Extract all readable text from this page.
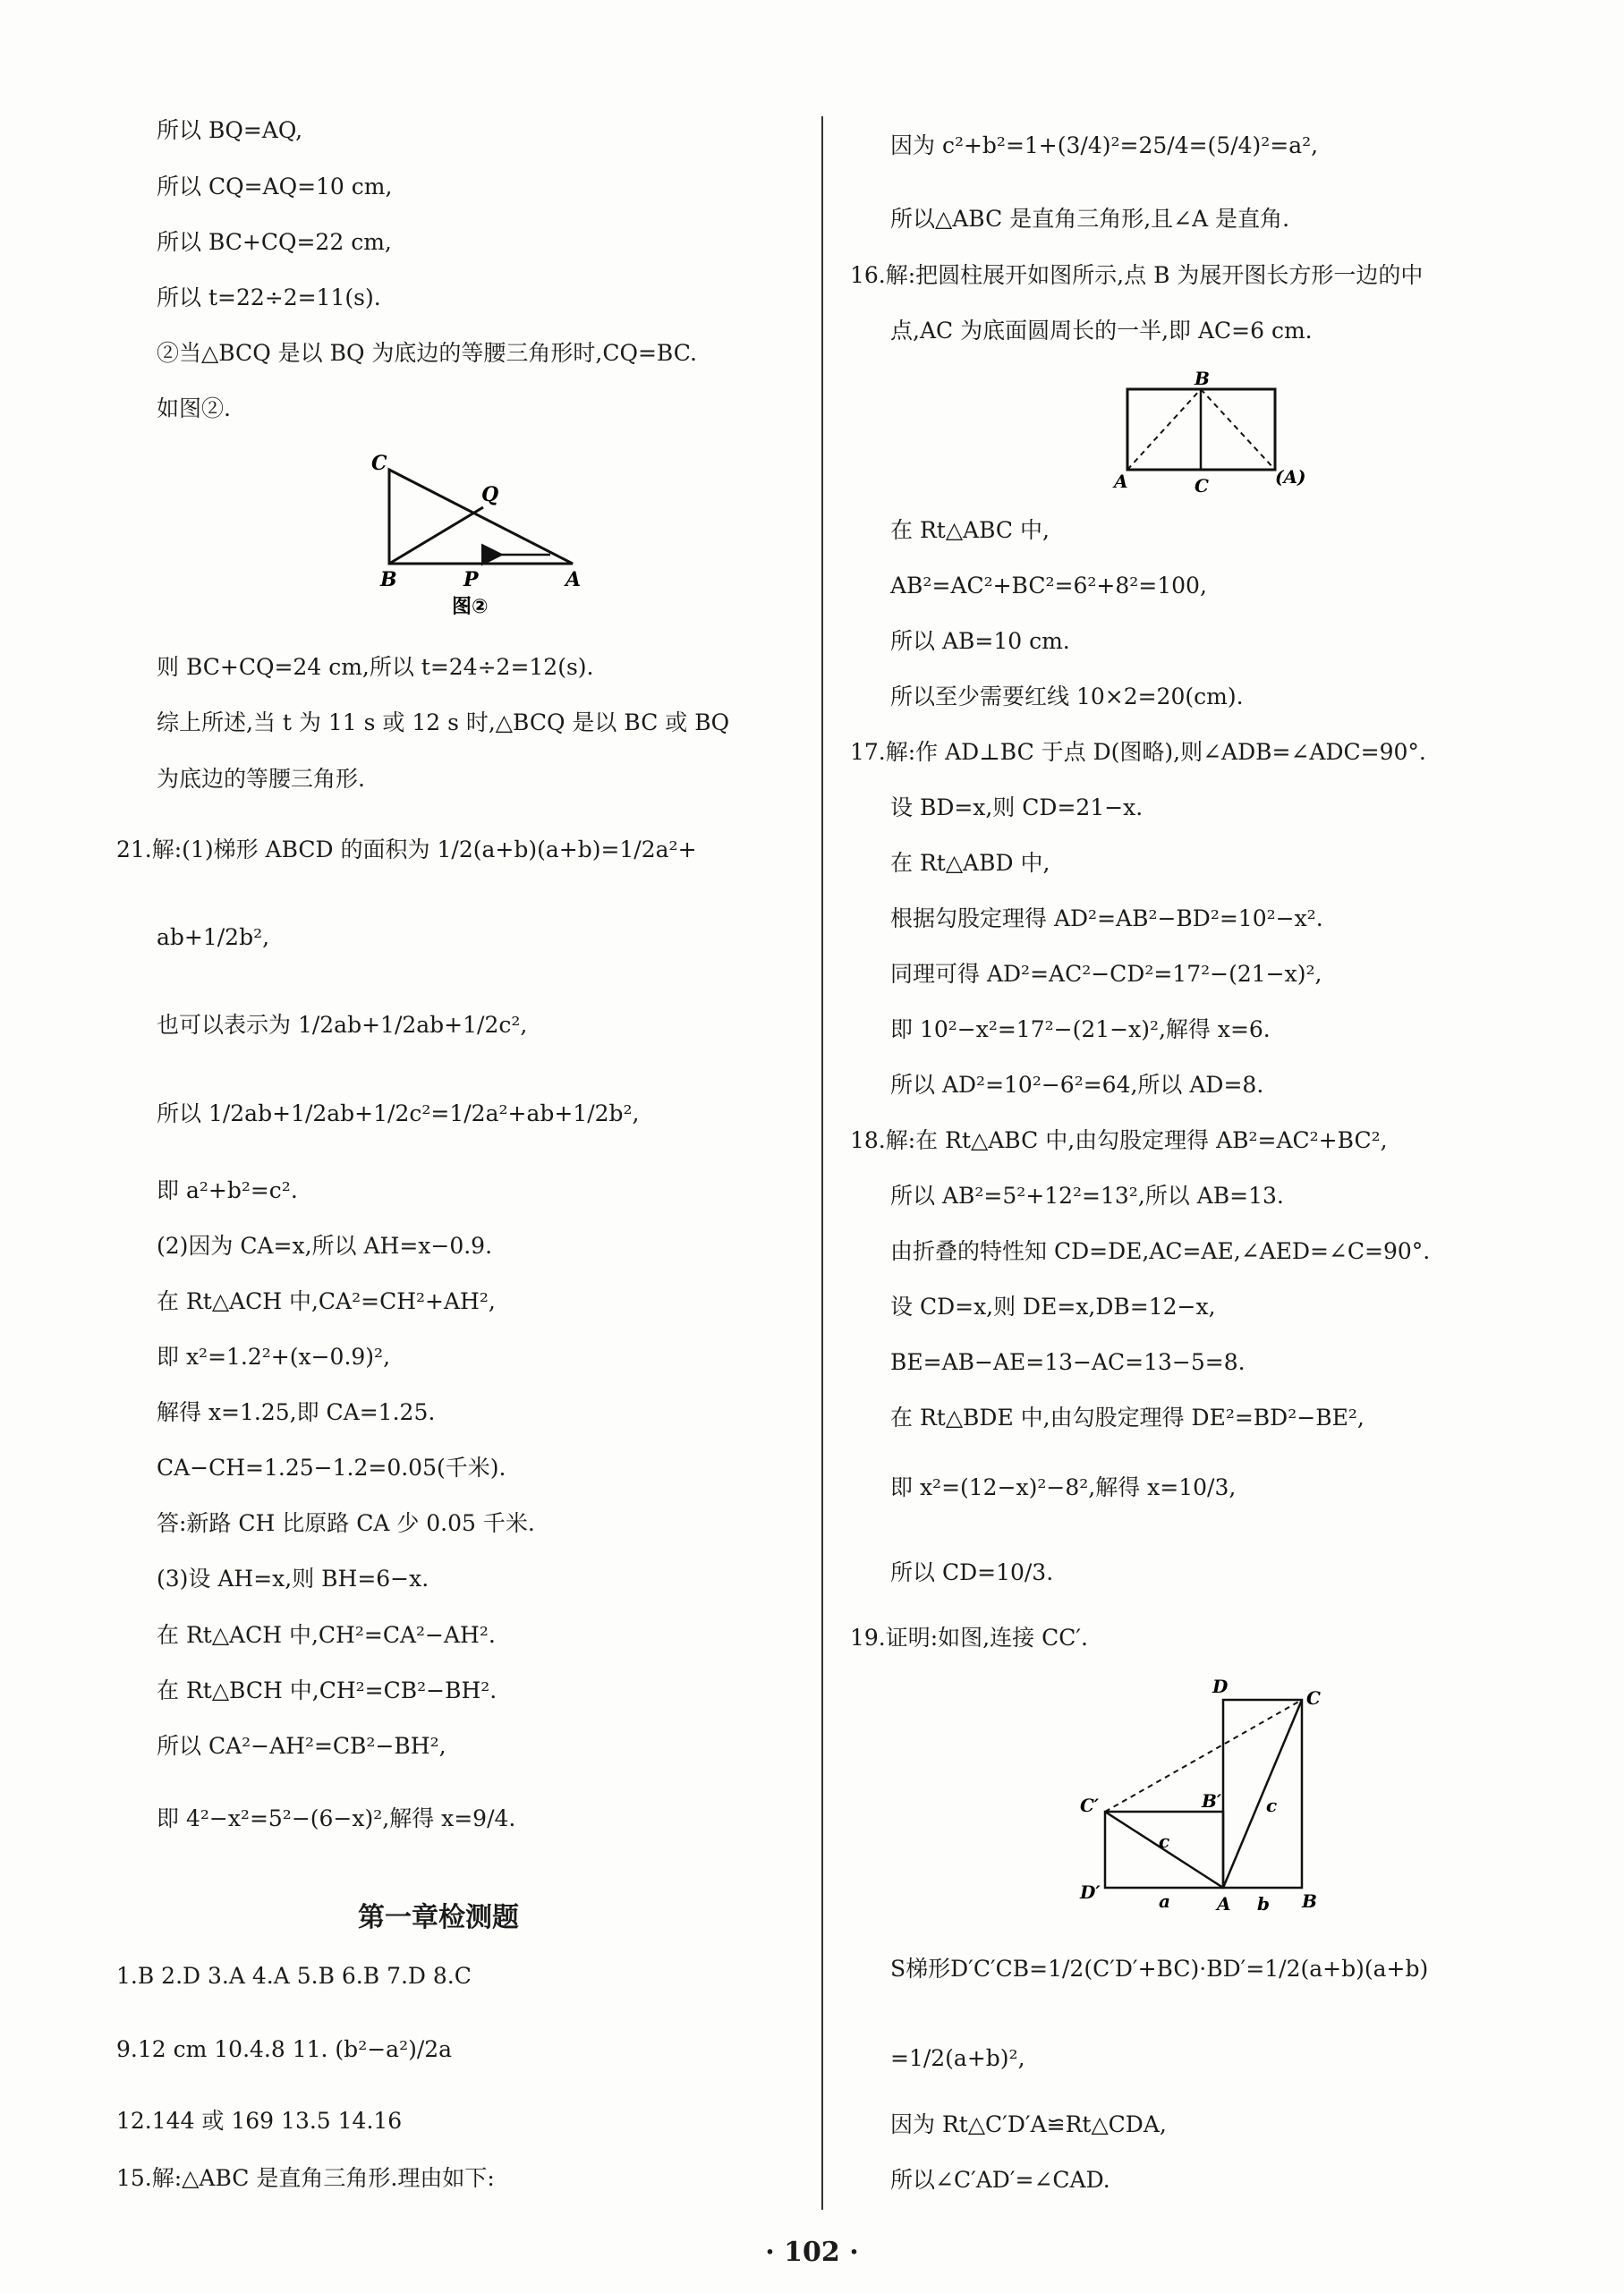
所以 BQ=AQ,
所以 CQ=AQ=10 cm,
所以 BC+CQ=22 cm,
所以 t=22÷2=11(s).
②当△BCQ 是以 BQ 为底边的等腰三角形时,CQ=BC.
如图②.
C
Q
B	P	A
图②
则 BC+CQ=24 cm,所以 t=24÷2=12(s).
综上所述,当 t 为 11 s 或 12 s 时,△BCQ 是以 BC 或 BQ
为底边的等腰三角形.
21.解:(1)梯形 ABCD 的面积为 1/2(a+b)(a+b)=1/2a²+
ab+1/2b²,
也可以表示为 1/2ab+1/2ab+1/2c²,
所以 1/2ab+1/2ab+1/2c²=1/2a²+ab+1/2b²,
即 a²+b²=c².
(2)因为 CA=x,所以 AH=x−0.9.
在 Rt△ACH 中,CA²=CH²+AH²,
即 x²=1.2²+(x−0.9)²,
解得 x=1.25,即 CA=1.25.
CA−CH=1.25−1.2=0.05(千米).
答:新路 CH 比原路 CA 少 0.05 千米.
(3)设 AH=x,则 BH=6−x.
在 Rt△ACH 中,CH²=CA²−AH².
在 Rt△BCH 中,CH²=CB²−BH².
所以 CA²−AH²=CB²−BH²,
即 4²−x²=5²−(6−x)²,解得 x=9/4.
第一章检测题
1.B 2.D 3.A 4.A 5.B 6.B 7.D 8.C
9.12 cm 10.4.8 11. (b²−a²)/2a
12.144 或 169 13.5 14.16
15.解:△ABC 是直角三角形.理由如下:
因为 c²+b²=1+(3/4)²=25/4=(5/4)²=a²,
所以△ABC 是直角三角形,且∠A 是直角.
16.解:把圆柱展开如图所示,点 B 为展开图长方形一边的中
点,AC 为底面圆周长的一半,即 AC=6 cm.
B
A	C	(A)
在 Rt△ABC 中,
AB²=AC²+BC²=6²+8²=100,
所以 AB=10 cm.
所以至少需要红线 10×2=20(cm).
17.解:作 AD⊥BC 于点 D(图略),则∠ADB=∠ADC=90°.
设 BD=x,则 CD=21−x.
在 Rt△ABD 中,
根据勾股定理得 AD²=AB²−BD²=10²−x².
同理可得 AD²=AC²−CD²=17²−(21−x)²,
即 10²−x²=17²−(21−x)²,解得 x=6.
所以 AD²=10²−6²=64,所以 AD=8.
18.解:在 Rt△ABC 中,由勾股定理得 AB²=AC²+BC²,
所以 AB²=5²+12²=13²,所以 AB=13.
由折叠的特性知 CD=DE,AC=AE,∠AED=∠C=90°.
设 CD=x,则 DE=x,DB=12−x,
BE=AB−AE=13−AC=13−5=8.
在 Rt△BDE 中,由勾股定理得 DE²=BD²−BE²,
即 x²=(12−x)²−8²,解得 x=10/3,
所以 CD=10/3.
19.证明:如图,连接 CC′.
D
C
C′	B′ c
c
D′	a	A b B
S梯形D′C′CB=1/2(C′D′+BC)·BD′=1/2(a+b)(a+b)
=1/2(a+b)²,
因为 Rt△C′D′A≌Rt△CDA,
所以∠C′AD′=∠CAD.
· 102 ·
